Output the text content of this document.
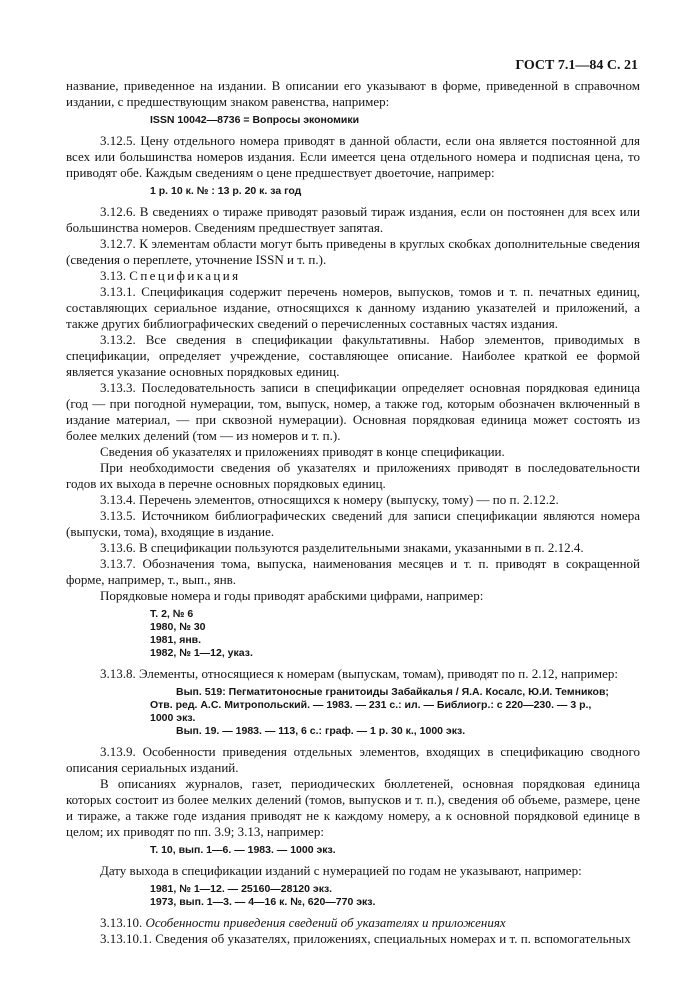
ГОСТ 7.1—84 С. 21

название, приведенное на издании. В описании его указывают в форме, приведенной в справочном издании, с предшествующим знаком равенства, например:

ISSN 10042—8736 = Вопросы экономики

3.12.5. Цену отдельного номера приводят в данной области, если она является постоянной для всех или большинства номеров издания. Если имеется цена отдельного номера и подписная цена, то приводят обе. Каждым сведениям о цене предшествует двоеточие, например:

1 р. 10 к. № : 13 р. 20 к. за год

3.12.6. В сведениях о тираже приводят разовый тираж издания, если он постоянен для всех или большинства номеров. Сведениям предшествует запятая.

3.12.7. К элементам области могут быть приведены в круглых скобках дополнительные сведения (сведения о переплете, уточнение ISSN и т. п.).

3.13. Спецификация

3.13.1. Спецификация содержит перечень номеров, выпусков, томов и т. п. печатных единиц, составляющих сериальное издание, относящихся к данному изданию указателей и приложений, а также других библиографических сведений о перечисленных составных частях издания.

3.13.2. Все сведения в спецификации факультативны. Набор элементов, приводимых в спецификации, определяет учреждение, составляющее описание. Наиболее краткой ее формой является указание основных порядковых единиц.

3.13.3. Последовательность записи в спецификации определяет основная порядковая единица (год — при погодной нумерации, том, выпуск, номер, а также год, которым обозначен включенный в издание материал, — при сквозной нумерации). Основная порядковая единица может состоять из более мелких делений (том — из номеров и т. п.).

Сведения об указателях и приложениях приводят в конце спецификации.

При необходимости сведения об указателях и приложениях приводят в последовательности годов их выхода в перечне основных порядковых единиц.

3.13.4. Перечень элементов, относящихся к номеру (выпуску, тому) — по п. 2.12.2.

3.13.5. Источником библиографических сведений для записи спецификации являются номера (выпуски, тома), входящие в издание.

3.13.6. В спецификации пользуются разделительными знаками, указанными в п. 2.12.4.

3.13.7. Обозначения тома, выпуска, наименования месяцев и т. п. приводят в сокращенной форме, например, т., вып., янв.

Порядковые номера и годы приводят арабскими цифрами, например:

Т. 2, № 6
1980, № 30
1981, янв.
1982, № 1—12, указ.

3.13.8. Элементы, относящиеся к номерам (выпускам, томам), приводят по п. 2.12, например:

Вып. 519: Пегматитоносные гранитоиды Забайкалья / Я.А. Косалс, Ю.И. Темников;
Отв. ред. А.С. Митропольский. — 1983. — 231 с.: ил. — Библиогр.: с 220—230. — 3 р.,
1000 экз.
Вып. 19. — 1983. — 113, 6 с.: граф. — 1 р. 30 к., 1000 экз.

3.13.9. Особенности приведения отдельных элементов, входящих в спецификацию сводного описания сериальных изданий.

В описаниях журналов, газет, периодических бюллетеней, основная порядковая единица которых состоит из более мелких делений (томов, выпусков и т. п.), сведения об объеме, размере, цене и тираже, а также годе издания приводят не к каждому номеру, а к основной порядковой единице в целом; их приводят по пп. 3.9; 3.13, например:

Т. 10, вып. 1—6. — 1983. — 1000 экз.

Дату выхода в спецификации изданий с нумерацией по годам не указывают, например:

1981, № 1—12. — 25160—28120 экз.
1973, вып. 1—3. — 4—16 к. №, 620—770 экз.

3.13.10. Особенности приведения сведений об указателях и приложениях

3.13.10.1. Сведения об указателях, приложениях, специальных номерах и т. п. вспомогательных
